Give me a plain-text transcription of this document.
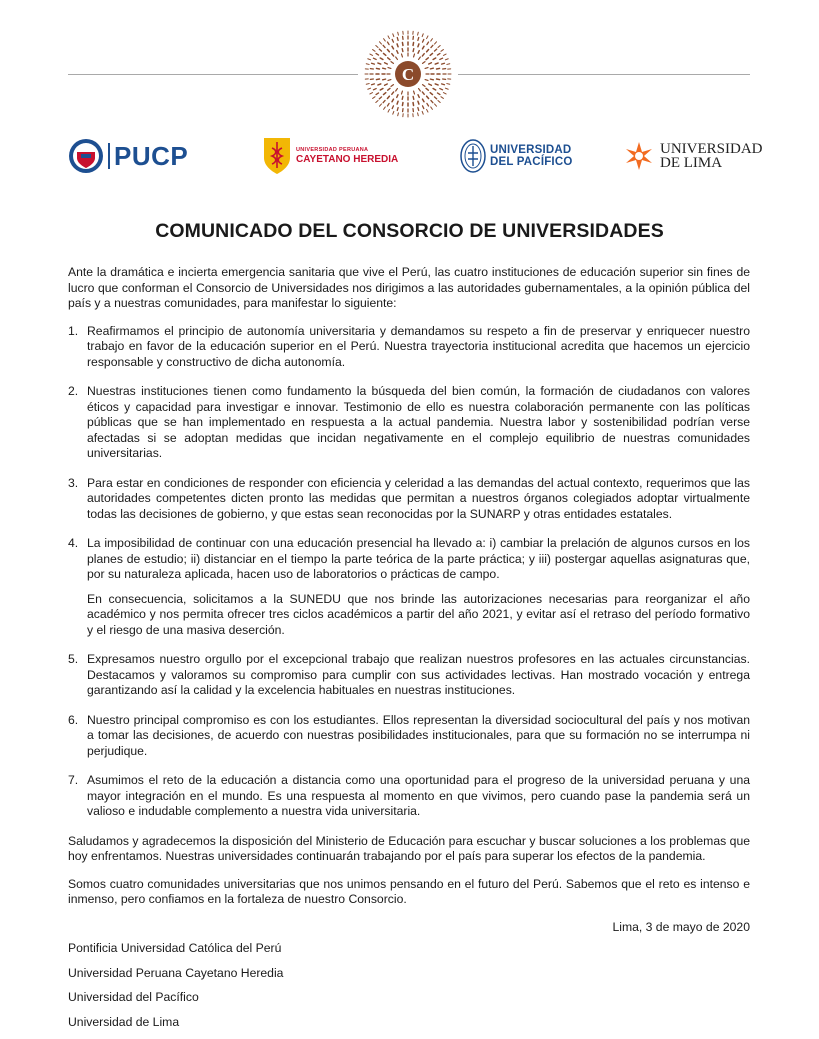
C
PUCP	UNIVERSIDAD PERUANA
CAYETANO HEREDIA
UNIVERSIDAD
DEL PACÍFICO
UNIVERSIDAD
DE LIMA
COMUNICADO DEL CONSORCIO DE UNIVERSIDADES

Ante la dramática e incierta emergencia sanitaria que vive el Perú, las cuatro instituciones de educación superior sin fines de lucro que conforman el Consorcio de Universidades nos dirigimos a las autoridades gubernamentales, a la opinión pública del país y a nuestras comunidades, para manifestar lo siguiente:

1. Reafirmamos el principio de autonomía universitaria y demandamos su respeto a fin de preservar y enriquecer nuestro trabajo en favor de la educación superior en el Perú. Nuestra trayectoria institucional acredita que hacemos un ejercicio responsable y constructivo de dicha autonomía.

2. Nuestras instituciones tienen como fundamento la búsqueda del bien común, la formación de ciudadanos con valores éticos y capacidad para investigar e innovar. Testimonio de ello es nuestra colaboración permanente con las políticas públicas que se han implementado en respuesta a la actual pandemia. Nuestra labor y sostenibilidad podrían verse afectadas si se adoptan medidas que incidan negativamente en el complejo equilibrio de nuestras comunidades universitarias.

3. Para estar en condiciones de responder con eficiencia y celeridad a las demandas del actual contexto, requerimos que las autoridades competentes dicten pronto las medidas que permitan a nuestros órganos colegiados adoptar virtualmente todas las decisiones de gobierno, y que estas sean reconocidas por la SUNARP y otras entidades estatales.

4. La imposibilidad de continuar con una educación presencial ha llevado a: i) cambiar la prelación de algunos cursos en los planes de estudio; ii) distanciar en el tiempo la parte teórica de la parte práctica; y iii) postergar aquellas asignaturas que, por su naturaleza aplicada, hacen uso de laboratorios o prácticas de campo.

En consecuencia, solicitamos a la SUNEDU que nos brinde las autorizaciones necesarias para reorganizar el año académico y nos permita ofrecer tres ciclos académicos a partir del año 2021, y evitar así el retraso del período formativo y el riesgo de una masiva deserción.

5. Expresamos nuestro orgullo por el excepcional trabajo que realizan nuestros profesores en las actuales circunstancias. Destacamos y valoramos su compromiso para cumplir con sus actividades lectivas. Han mostrado vocación y entrega garantizando así la calidad y la excelencia habituales en nuestras instituciones.

6. Nuestro principal compromiso es con los estudiantes. Ellos representan la diversidad sociocultural del país y nos motivan a tomar las decisiones, de acuerdo con nuestras posibilidades institucionales, para que su formación no se interrumpa ni perjudique.

7. Asumimos el reto de la educación a distancia como una oportunidad para el progreso de la universidad peruana y una mayor integración en el mundo. Es una respuesta al momento en que vivimos, pero cuando pase la pandemia será un valioso e indudable complemento a nuestra vida universitaria.

Saludamos y agradecemos la disposición del Ministerio de Educación para escuchar y buscar soluciones a los problemas que hoy enfrentamos. Nuestras universidades continuarán trabajando por el país para superar los efectos de la pandemia.

Somos cuatro comunidades universitarias que nos unimos pensando en el futuro del Perú. Sabemos que el reto es intenso e inmenso, pero confiamos en la fortaleza de nuestro Consorcio.

Lima, 3 de mayo de 2020

Pontificia Universidad Católica del Perú
Universidad Peruana Cayetano Heredia
Universidad del Pacífico
Universidad de Lima
